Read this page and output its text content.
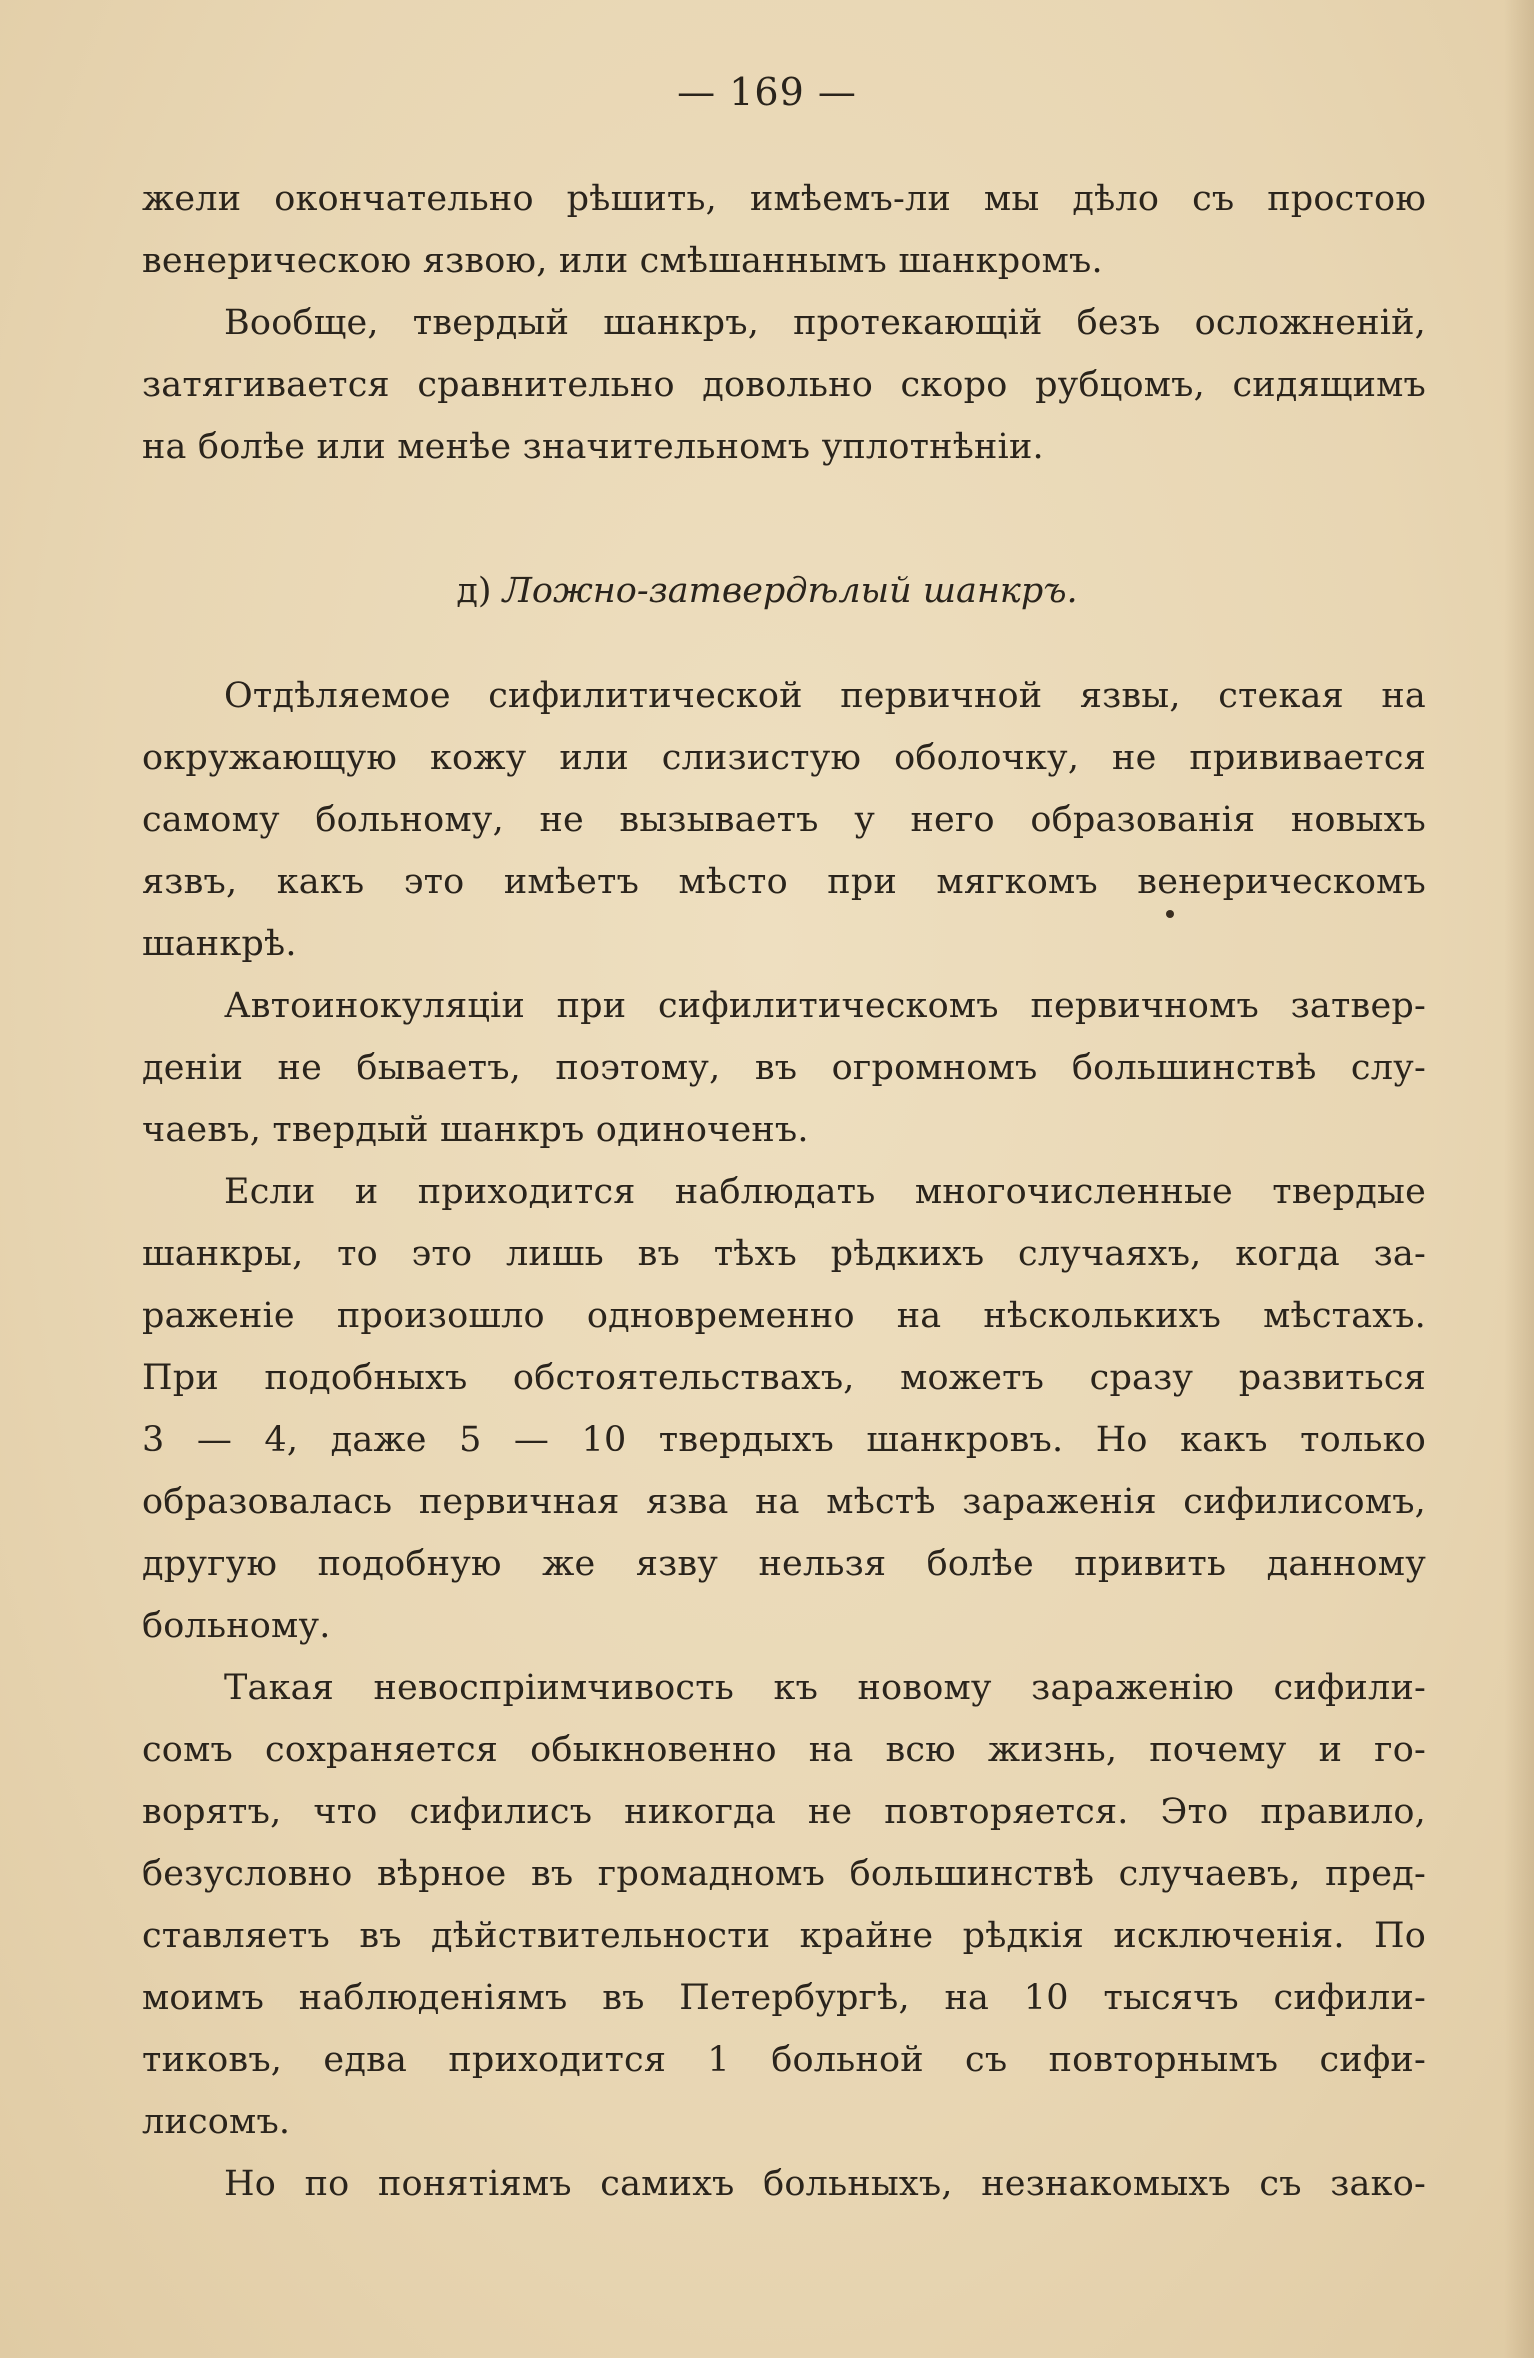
— 169 —
жели окончательно рѣшить, имѣемъ-ли мы дѣло съ простою
венерическою язвою, или смѣшаннымъ шанкромъ.
Вообще, твердый шанкръ, протекающій безъ осложненій,
затягивается сравнительно довольно скоро рубцомъ, сидящимъ
на болѣе или менѣе значительномъ уплотнѣніи.
д) Ложно-затвердѣлый шанкръ.
Отдѣляемое сифилитической первичной язвы, стекая на
окружающую кожу или слизистую оболочку, не прививается
самому больному, не вызываетъ у него образованія новыхъ
язвъ, какъ это имѣетъ мѣсто при мягкомъ венерическомъ
шанкрѣ.
Автоинокуляціи при сифилитическомъ первичномъ затвер-
деніи не бываетъ, поэтому, въ огромномъ большинствѣ слу-
чаевъ, твердый шанкръ одиноченъ.
Если и приходится наблюдать многочисленные твердые
шанкры, то это лишь въ тѣхъ рѣдкихъ случаяхъ, когда за-
раженіе произошло одновременно на нѣсколькихъ мѣстахъ.
При подобныхъ обстоятельствахъ, можетъ сразу развиться
3 — 4, даже 5 — 10 твердыхъ шанкровъ. Но какъ только
образовалась первичная язва на мѣстѣ зараженія сифилисомъ,
другую подобную же язву нельзя болѣе привить данному
больному.
Такая невоспріимчивость къ новому зараженію сифили-
сомъ сохраняется обыкновенно на всю жизнь, почему и го-
ворятъ, что сифилисъ никогда не повторяется. Это правило,
безусловно вѣрное въ громадномъ большинствѣ случаевъ, пред-
ставляетъ въ дѣйствительности крайне рѣдкія исключенія. По
моимъ наблюденіямъ въ Петербургѣ, на 10 тысячъ сифили-
тиковъ, едва приходится 1 больной съ повторнымъ сифи-
лисомъ.
Но по понятіямъ самихъ больныхъ, незнакомыхъ съ зако-
